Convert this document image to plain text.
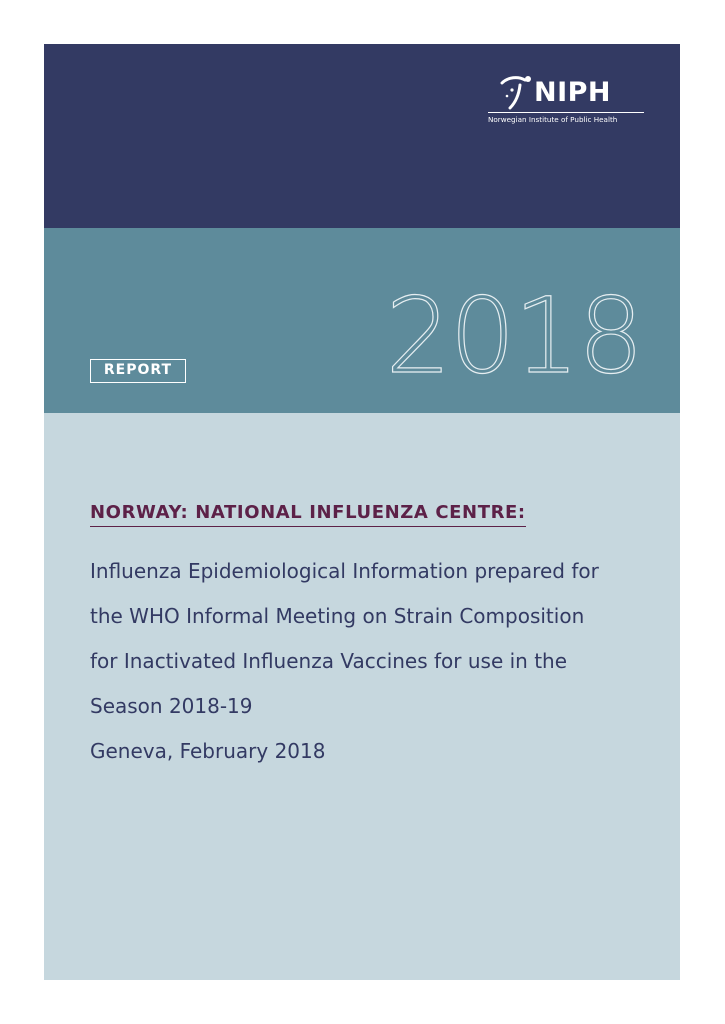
NIPH
Norwegian Institute of Public Health
2018
REPORT
NORWAY: NATIONAL INFLUENZA CENTRE:
Influenza Epidemiological Information prepared for
the WHO Informal Meeting on Strain Composition
for Inactivated Influenza Vaccines for use in the
Season 2018-19
Geneva, February 2018
